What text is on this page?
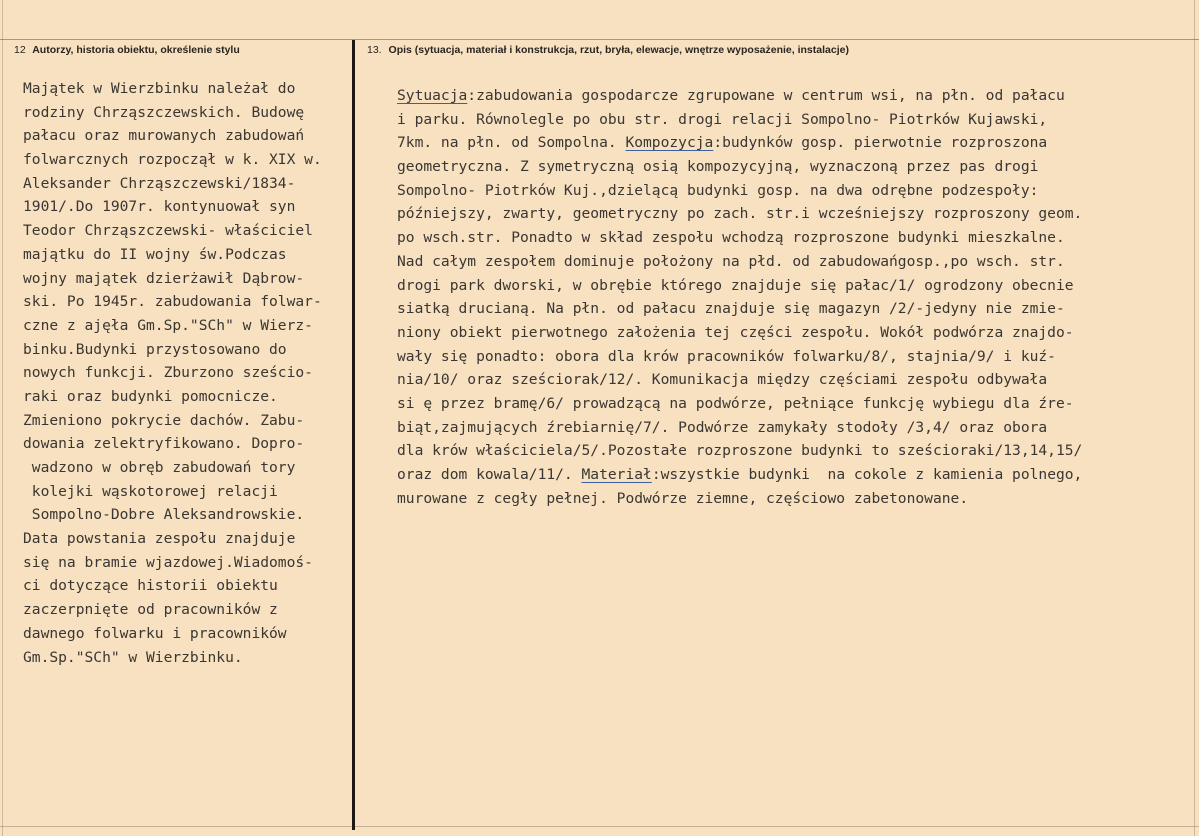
12 Autorzy, historia obiektu, określenie stylu	13. Opis (sytuacja, materiał i konstrukcja, rzut, bryła, elewacje, wnętrze wyposażenie, instalacje)
Majątek w Wierzbinku należał do
rodziny Chrząszczewskich. Budowę
pałacu oraz murowanych zabudowań
folwarcznych rozpoczął w k. XIX w.
Aleksander Chrząszczewski/1834-
1901/.Do 1907r. kontynuował syn
Teodor Chrząszczewski- właściciel
majątku do II wojny św.Podczas
wojny majątek dzierżawił Dąbrow-
ski. Po 1945r. zabudowania folwar-
czne z ajęła Gm.Sp."SCh" w Wierz-
binku.Budynki przystosowano do
nowych funkcji. Zburzono sześcio-
raki oraz budynki pomocnicze.
Zmieniono pokrycie dachów. Zabu-
dowania zelektryfikowano. Dopro-
wadzono w obręb zabudowań tory
kolejki wąskotorowej relacji
Sompolno-Dobre Aleksandrowskie.
Data powstania zespołu znajduje
się na bramie wjazdowej.Wiadomoś-
ci dotyczące historii obiektu
zaczerpnięte od pracowników z
dawnego folwarku i pracowników
Gm.Sp."SCh" w Wierzbinku.
Sytuacja:zabudowania gospodarcze zgrupowane w centrum wsi, na płn. od pałacu
i parku. Równolegle po obu str. drogi relacji Sompolno- Piotrków Kujawski,
7km. na płn. od Sompolna. Kompozycja:budynków gosp. pierwotnie rozproszona
geometryczna. Z symetryczną osią kompozycyjną, wyznaczoną przez pas drogi
Sompolno- Piotrków Kuj.,dzielącą budynki gosp. na dwa odrębne podzespoły:
późniejszy, zwarty, geometryczny po zach. str.i wcześniejszy rozproszony geom.
po wsch.str. Ponadto w skład zespołu wchodzą rozproszone budynki mieszkalne.
Nad całym zespołem dominuje położony na płd. od zabudowańgosp.,po wsch. str.
drogi park dworski, w obrębie którego znajduje się pałac/1/ ogrodzony obecnie
siatką drucianą. Na płn. od pałacu znajduje się magazyn /2/-jedyny nie zmie-
niony obiekt pierwotnego założenia tej części zespołu. Wokół podwórza znajdo-
wały się ponadto: obora dla krów pracowników folwarku/8/, stajnia/9/ i kuź-
nia/10/ oraz sześciorak/12/. Komunikacja między częściami zespołu odbywała
si ę przez bramę/6/ prowadzącą na podwórze, pełniące funkcję wybiegu dla źre-
biąt,zajmujących źrebiarnię/7/. Podwórze zamykały stodoły /3,4/ oraz obora
dla krów właściciela/5/.Pozostałe rozproszone budynki to sześcioraki/13,14,15/
oraz dom kowala/11/. Materiał:wszystkie budynki  na cokole z kamienia polnego,
murowane z cegły pełnej. Podwórze ziemne, częściowo zabetonowane.
